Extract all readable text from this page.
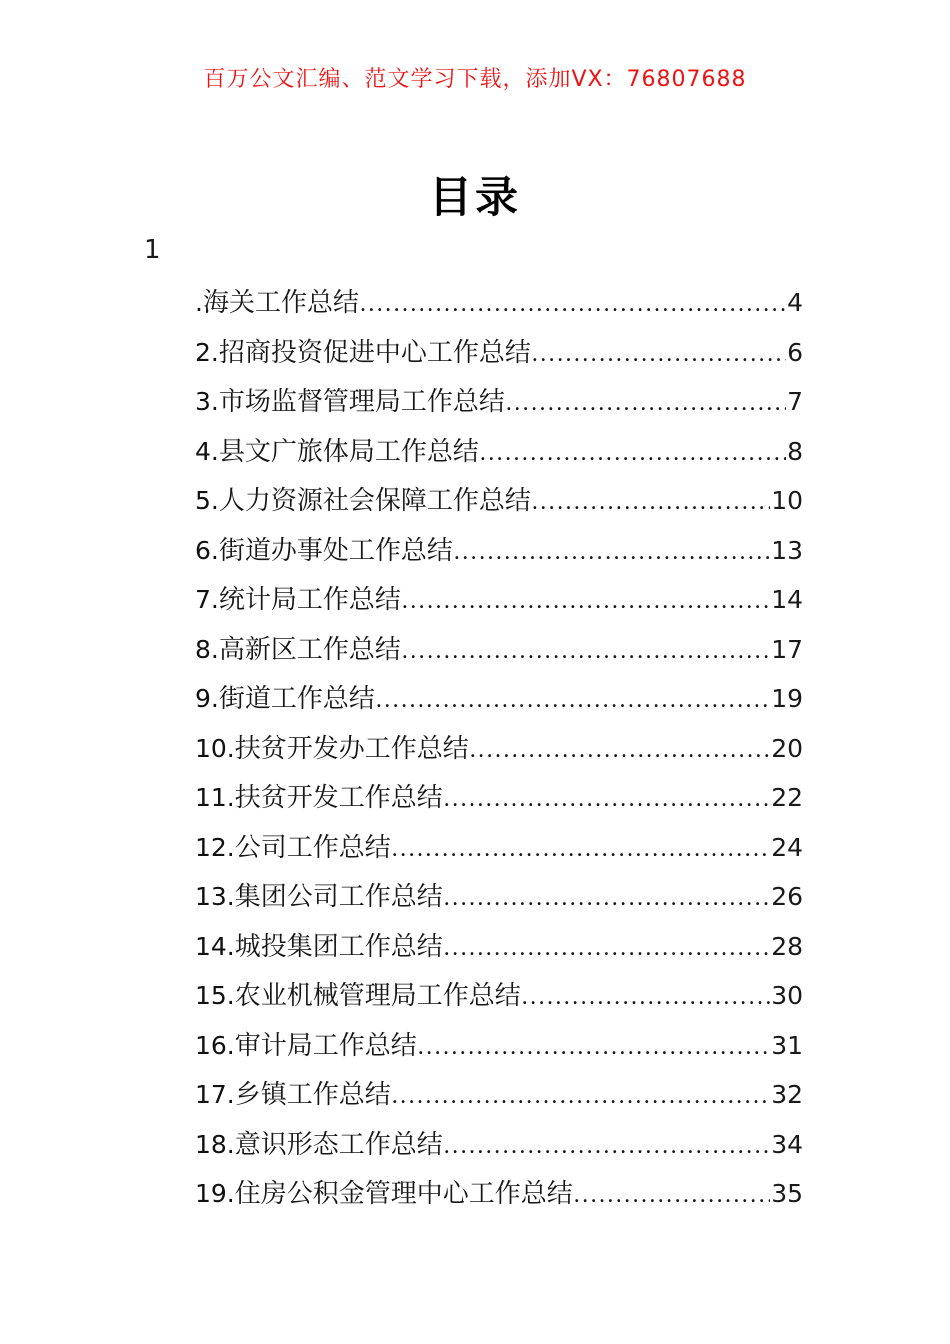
百万公文汇编、范文学习下载，添加VX：76807688
目录
1
. 海关工作总结 .....	4
2. 招商投资促进中心工作总结 .....	6
3. 市场监督管理局工作总结 .....	7
4. 县文广旅体局工作总结 .....	8
5. 人力资源社会保障工作总结 .....	10
6. 街道办事处工作总结 .....	13
7. 统计局工作总结 .....	14
8. 高新区工作总结 .....	17
9. 街道工作总结 .....	19
10. 扶贫开发办工作总结 .....	20
11. 扶贫开发工作总结 .....	22
12. 公司工作总结 .....	24
13. 集团公司工作总结 .....	26
14. 城投集团工作总结 .....	28
15. 农业机械管理局工作总结 .....	30
16. 审计局工作总结 .....	31
17. 乡镇工作总结 .....	32
18. 意识形态工作总结 .....	34
19. 住房公积金管理中心工作总结 .....	35
